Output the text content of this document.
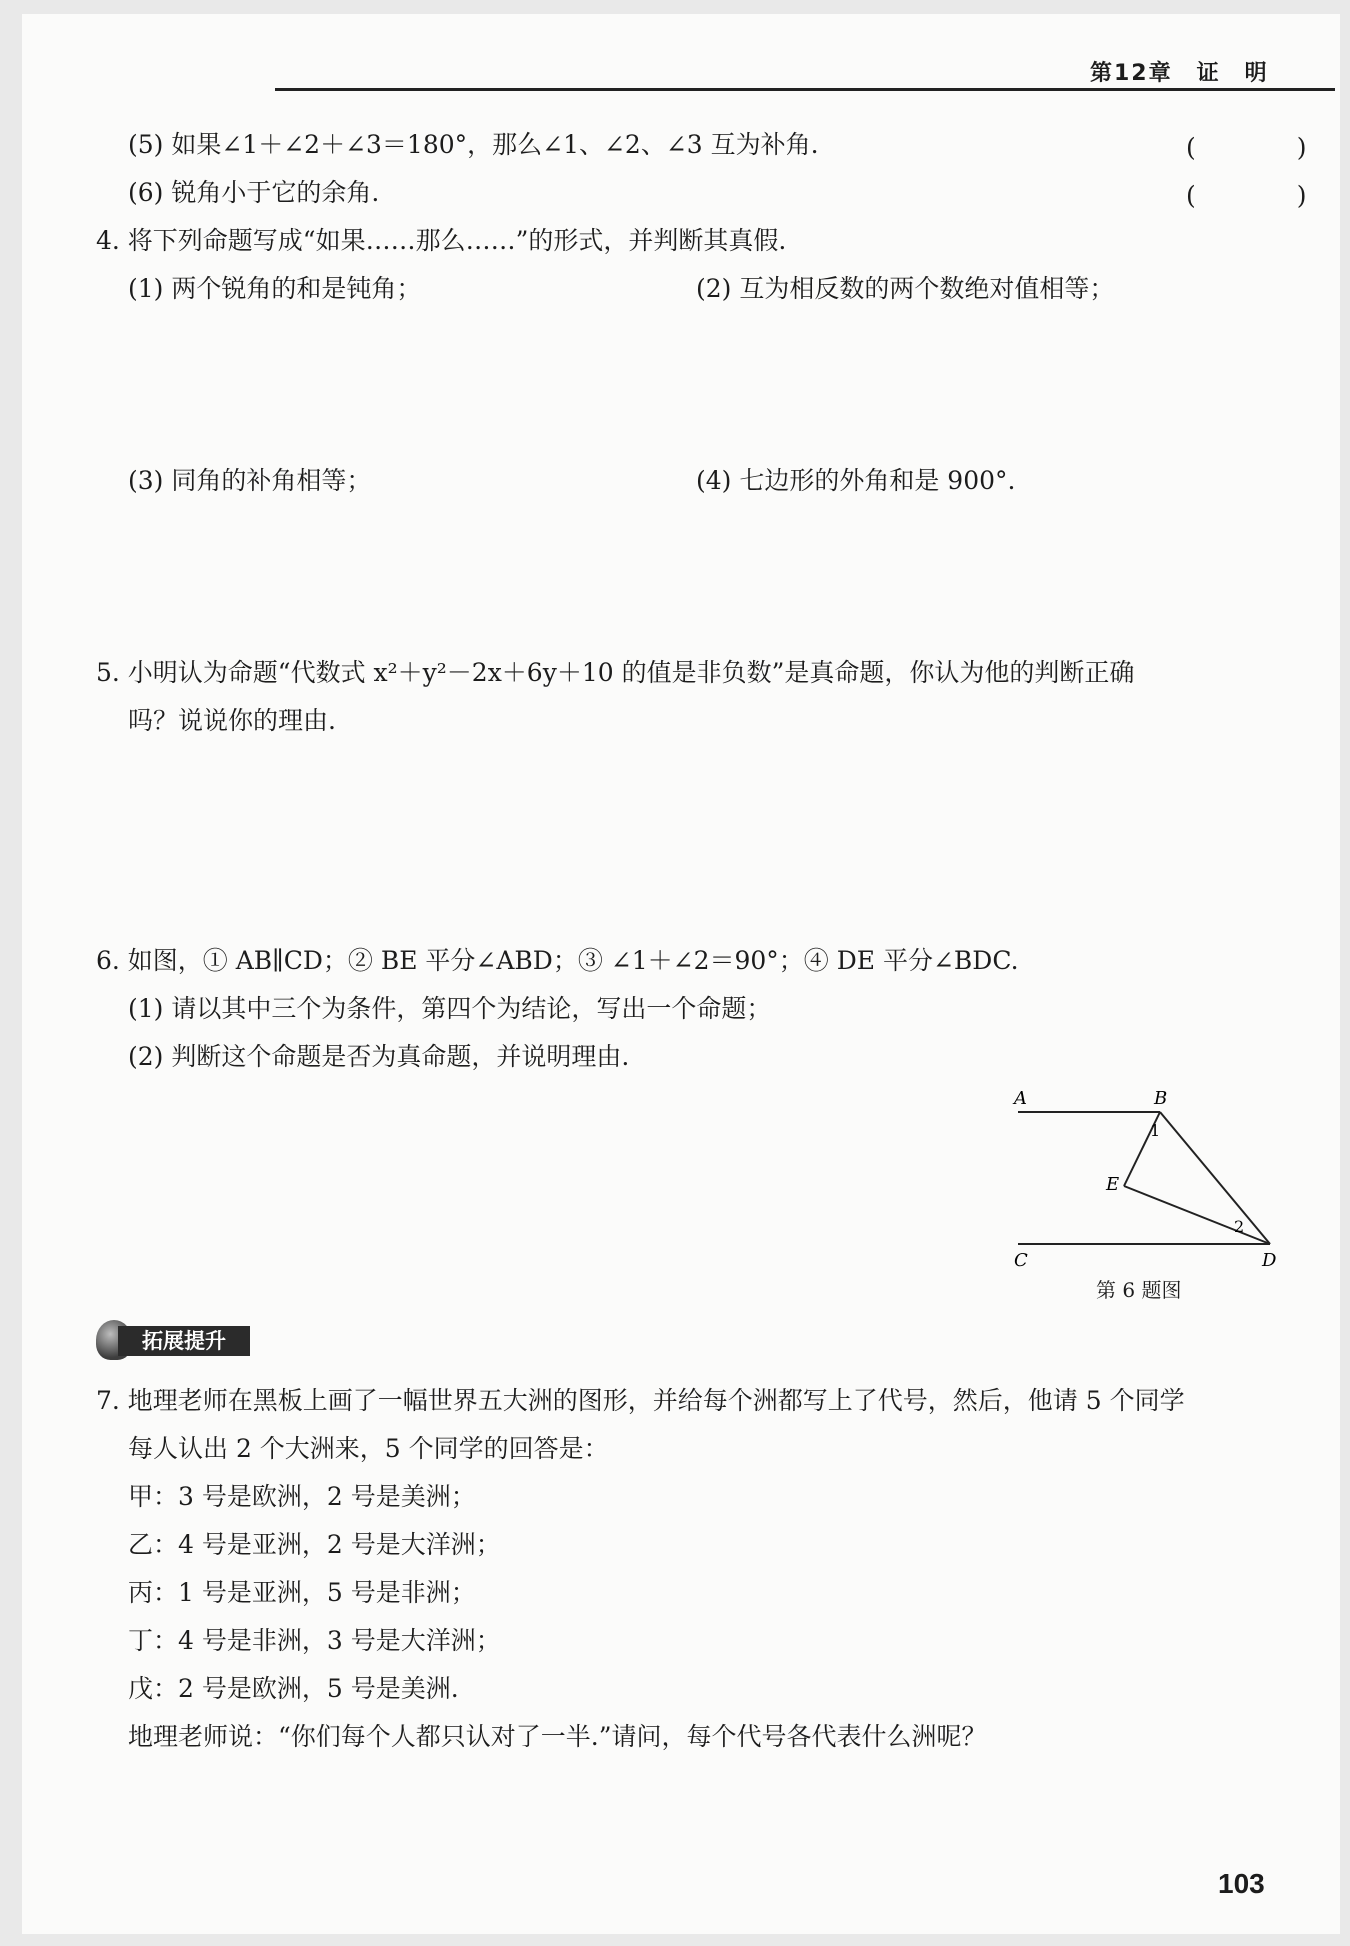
第12章　证　明
(5) 如果∠1＋∠2＋∠3＝180°，那么∠1、∠2、∠3 互为补角.	(　)
(6) 锐角小于它的余角.	(　)
4. 将下列命题写成“如果……那么……”的形式，并判断其真假.
(1) 两个锐角的和是钝角；	(2) 互为相反数的两个数绝对值相等；
(3) 同角的补角相等；	(4) 七边形的外角和是 900°.
5. 小明认为命题“代数式 x²＋y²－2x＋6y＋10 的值是非负数”是真命题，你认为他的判断正确
吗？说说你的理由.
6. 如图，① AB∥CD；② BE 平分∠ABD；③ ∠1＋∠2＝90°；④ DE 平分∠BDC.
(1) 请以其中三个为条件，第四个为结论，写出一个命题；
(2) 判断这个命题是否为真命题，并说明理由.
A	B
1
E
2
C	D
第 6 题图
拓展提升
7. 地理老师在黑板上画了一幅世界五大洲的图形，并给每个洲都写上了代号，然后，他请 5 个同学
每人认出 2 个大洲来，5 个同学的回答是：
甲：3 号是欧洲，2 号是美洲；
乙：4 号是亚洲，2 号是大洋洲；
丙：1 号是亚洲，5 号是非洲；
丁：4 号是非洲，3 号是大洋洲；
戊：2 号是欧洲，5 号是美洲.
地理老师说：“你们每个人都只认对了一半.”请问，每个代号各代表什么洲呢？
103
